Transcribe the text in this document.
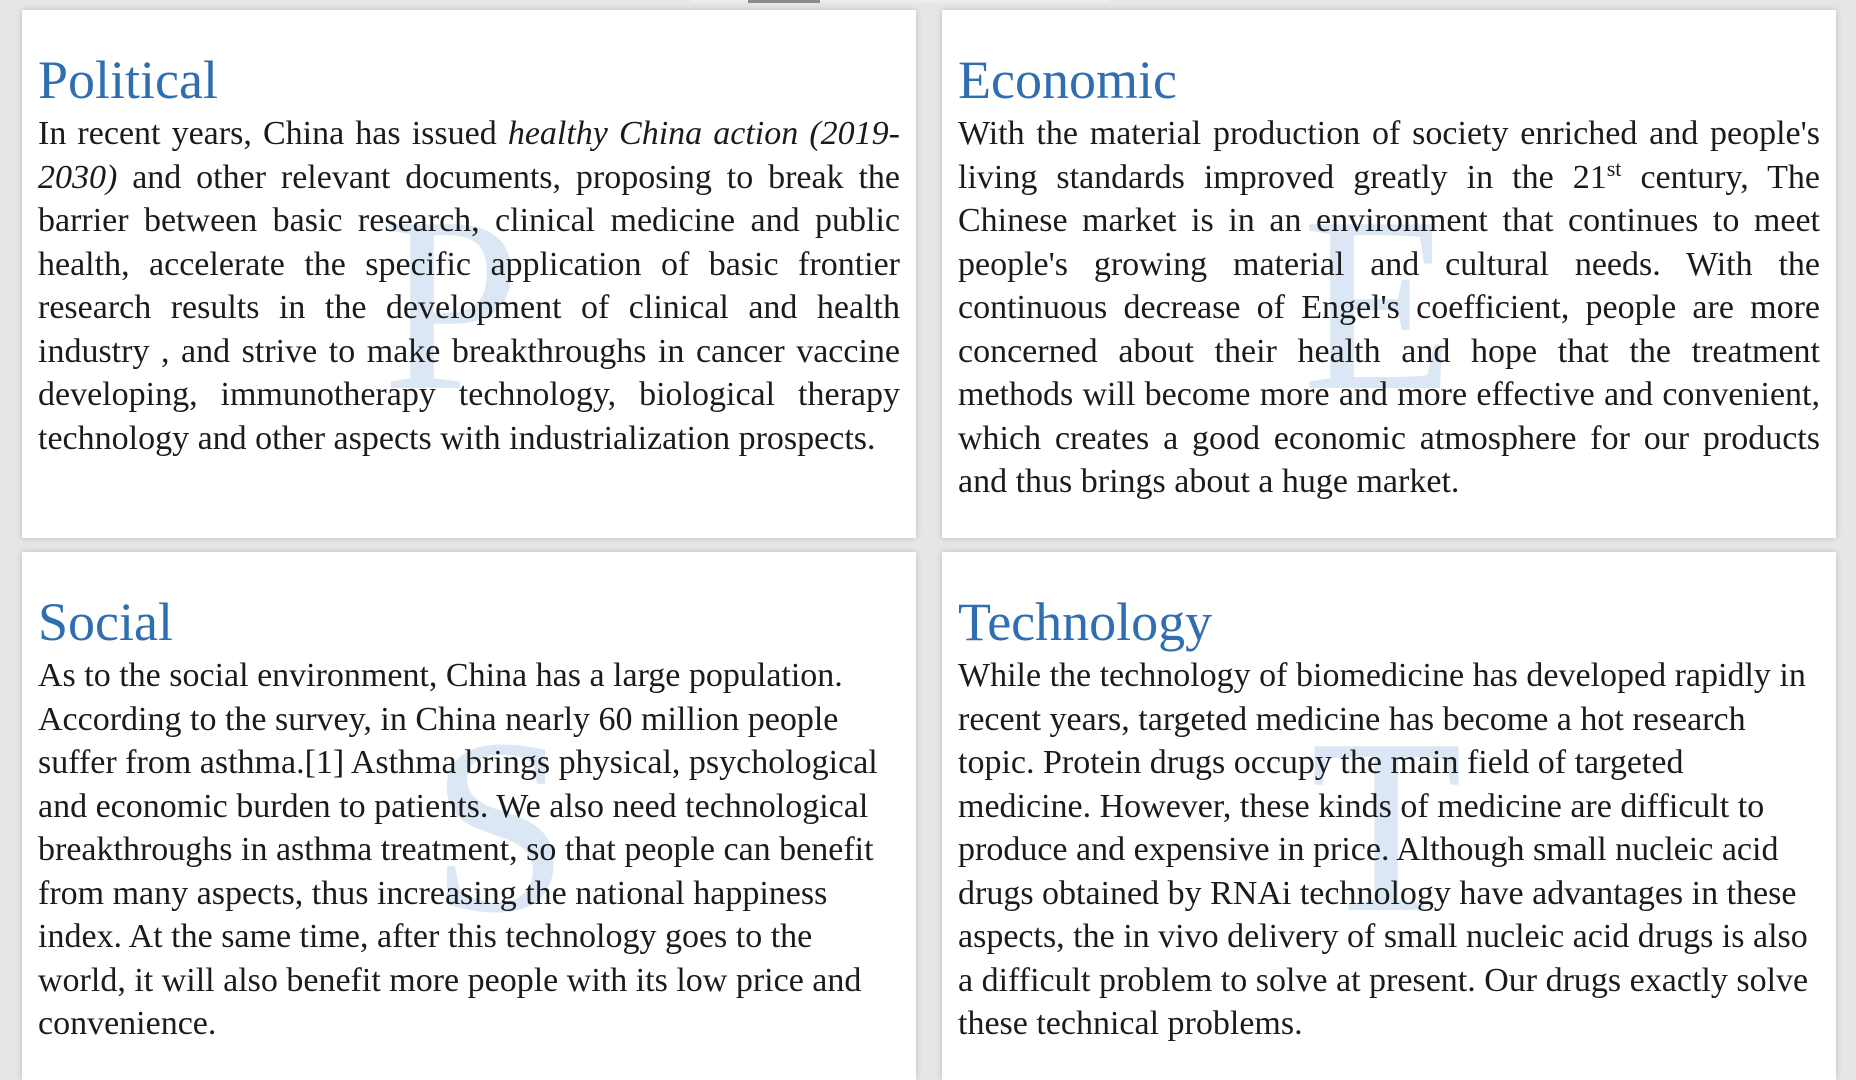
P
Political

In recent years, China has issued healthy China action (2019-2030) and other relevant documents, proposing to break the barrier between basic research, clinical medicine and public health, accelerate the specific application of basic frontier research results in the development of clinical and health industry , and strive to make breakthroughs in cancer vaccine developing, immunotherapy technology, biological therapy technology and other aspects with industrialization prospects. E
Economic

With the material production of society enriched and people's living standards improved greatly in the 21st century, The Chinese market is in an environment that continues to meet people's growing material and cultural needs. With the continuous decrease of Engel's coefficient, people are more concerned about their health and hope that the treatment methods will become more and more effective and convenient, which creates a good economic atmosphere for our products and thus brings about a huge market.

S
Social

As to the social environment, China has a large population. According to the survey, in China nearly 60 million people suffer from asthma.[1] Asthma brings physical, psychological and economic burden to patients. We also need technological breakthroughs in asthma treatment, so that people can benefit from many aspects, thus increasing the national happiness index. At the same time, after this technology goes to the world, it will also benefit more people with its low price and convenience.

T
Technology

While the technology of biomedicine has developed rapidly in recent years, targeted medicine has become a hot research topic. Protein drugs occupy the main field of targeted medicine. However, these kinds of medicine are difficult to produce and expensive in price. Although small nucleic acid drugs obtained by RNAi technology have advantages in these aspects, the in vivo delivery of small nucleic acid drugs is also a difficult problem to solve at present. Our drugs exactly solve these technical problems.
